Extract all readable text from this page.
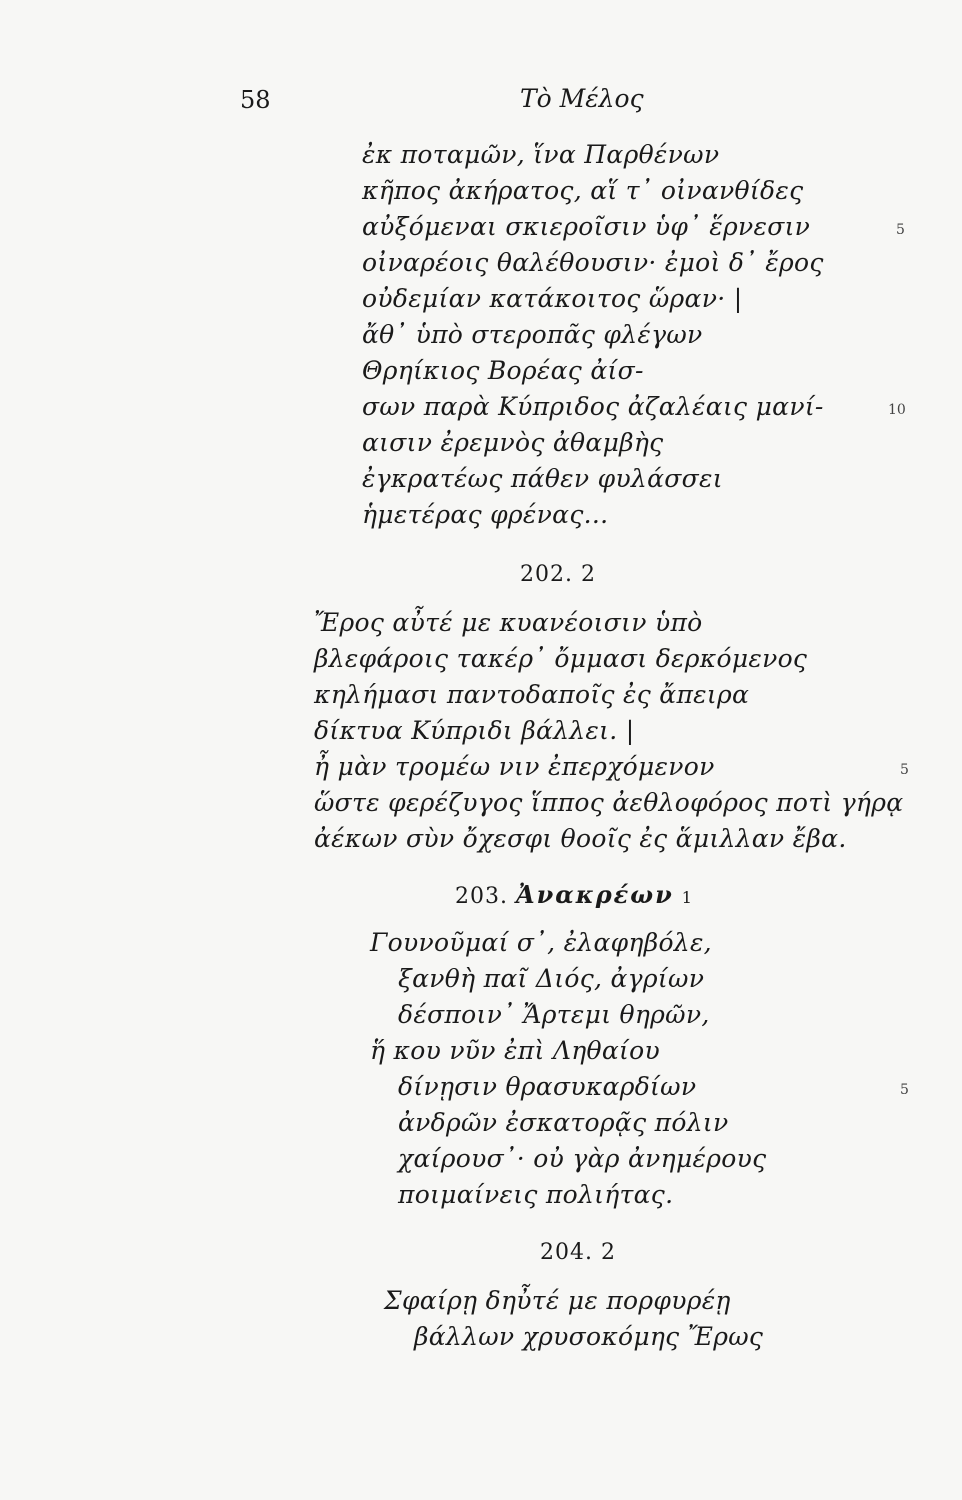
58	Τὸ Μέλος
ἐκ ποταμῶν, ἵνα Παρθένων
κῆπος ἀκήρατος, αἵ τ᾽ οἰνανθίδες
αὐξόμεναι σκιεροῖσιν ὑφ᾽ ἕρνεσιν	5
οἰναρέοις θαλέθουσιν· ἐμοὶ δ᾽ ἔρος
οὐδεμίαν κατάκοιτος ὥραν· |
ἄθ᾽ ὑπὸ στεροπᾶς φλέγων
Θρηίκιος Βορέας ἀίσ-
σων παρὰ Κύπριδος ἀζαλέαις μανί-	10
αισιν ἐρεμνὸς ἀθαμβὴς
ἐγκρατέως πάθεν φυλάσσει
ἡμετέρας φρένας...
202. 2
Ἔρος αὖτέ με κυανέοισιν ὑπὸ
βλεφάροις τακέρ᾽ ὄμμασι δερκόμενος
κηλήμασι παντοδαποῖς ἐς ἄπειρα
δίκτυα Κύπριδι βάλλει. |
ἦ μὰν τρομέω νιν ἐπερχόμενον	5
ὥστε φερέζυγος ἵππος ἀεθλοφόρος ποτὶ γήρᾳ
ἀέκων σὺν ὄχεσφι θοοῖς ἐς ἅμιλλαν ἔβα.
203. Ἀνακρέων 1
Γουνοῦμαί σ᾽, ἐλαφηβόλε,
ξανθὴ παῖ Διός, ἀγρίων
δέσποιν᾽ Ἄρτεμι θηρῶν,
ἥ κου νῦν ἐπὶ Ληθαίου
δίνῃσιν θρασυκαρδίων	5
ἀνδρῶν ἐσκατορᾷς πόλιν
χαίρουσ᾽· οὐ γὰρ ἀνημέρους
ποιμαίνεις πολιήτας.
204. 2
Σφαίρῃ δηὖτέ με πορφυρέῃ
βάλλων χρυσοκόμης Ἔρως
